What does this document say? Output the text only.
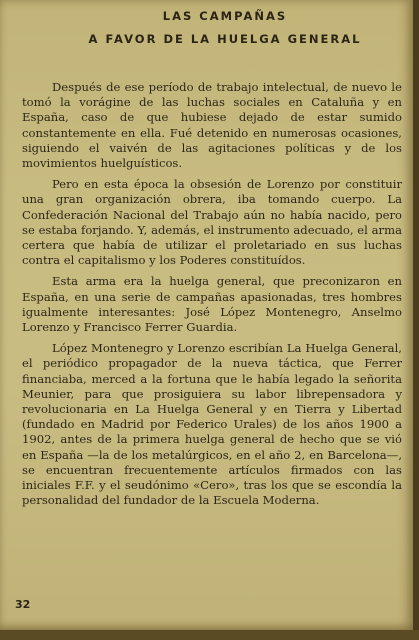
LAS CAMPAÑAS
A FAVOR DE LA HUELGA GENERAL

Después de ese período de trabajo intelectual, de nuevo le tomó la vorágine de las luchas sociales en Cataluña y en España, caso de que hubiese dejado de estar sumido constantemente en ella. Fué detenido en numerosas ocasiones, siguiendo el vaivén de las agitaciones políticas y de los movimientos huelguísticos.

Pero en esta época la obsesión de Lorenzo por constituir una gran organización obrera, iba tomando cuerpo. La Confederación Nacional del Trabajo aún no había nacido, pero se estaba forjando. Y, además, el instrumento adecuado, el arma certera que había de utilizar el proletariado en sus luchas contra el capitalismo y los Poderes constituídos.

Esta arma era la huelga general, que preconizaron en España, en una serie de campañas apasionadas, tres hombres igualmente interesantes: José López Montenegro, Anselmo Lorenzo y Francisco Ferrer Guardia.

López Montenegro y Lorenzo escribían La Huelga General, el periódico propagador de la nueva táctica, que Ferrer financiaba, merced a la fortuna que le había legado la señorita Meunier, para que prosiguiera su labor librepensadora y revolucionaria en La Huelga General y en Tierra y Libertad (fundado en Madrid por Federico Urales) de los años 1900 a 1902, antes de la primera huelga general de hecho que se vió en España —la de los metalúrgicos, en el año 2, en Barcelona—, se encuentran frecuentemente artículos firmados con las iniciales F.F. y el seudónimo «Cero», tras los que se escondía la personalidad del fundador de la Escuela Moderna.

32
